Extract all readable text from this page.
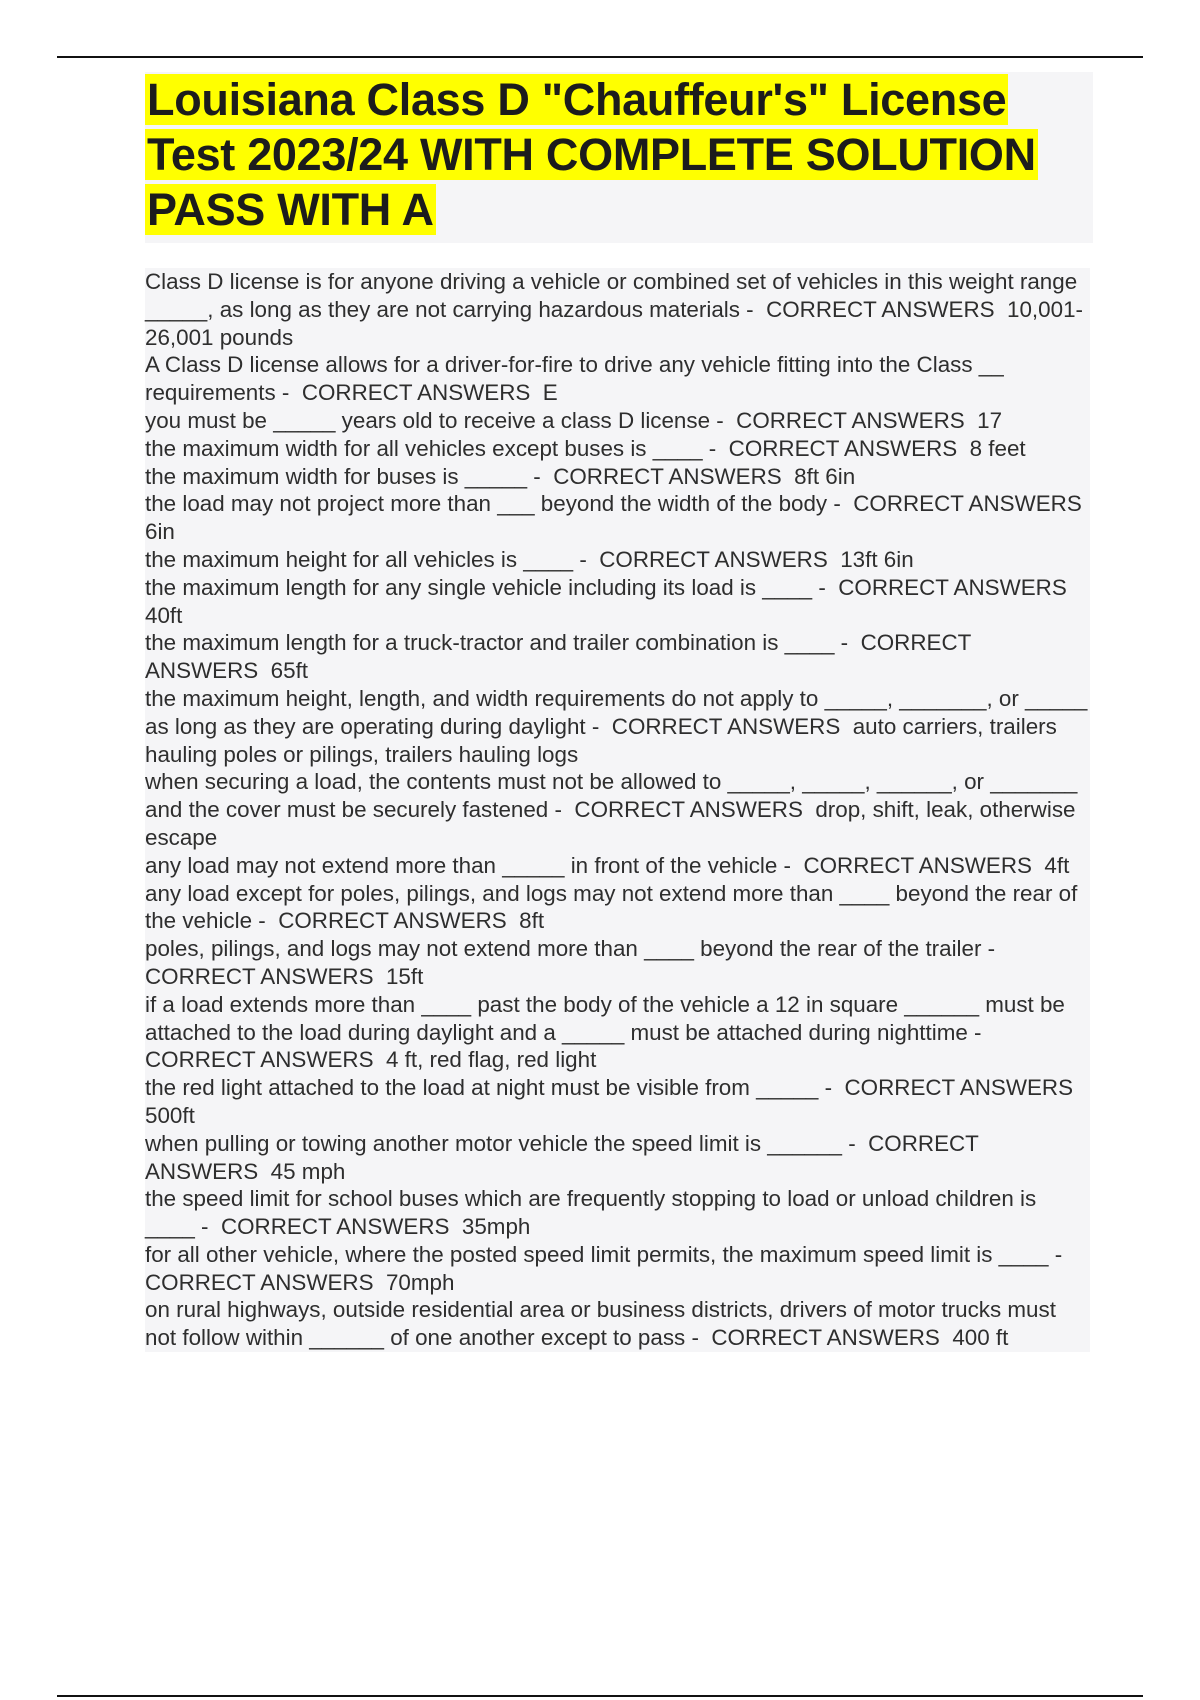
Louisiana Class D "Chauffeur's" License Test 2023/24 WITH COMPLETE SOLUTION PASS WITH A
Class D license is for anyone driving a vehicle or combined set of vehicles in this weight range _____, as long as they are not carrying hazardous materials - CORRECT ANSWERS 10,001-26,001 pounds
A Class D license allows for a driver-for-fire to drive any vehicle fitting into the Class __ requirements - CORRECT ANSWERS E
you must be _____ years old to receive a class D license - CORRECT ANSWERS 17
the maximum width for all vehicles except buses is ____ - CORRECT ANSWERS 8 feet
the maximum width for buses is _____ - CORRECT ANSWERS 8ft 6in
the load may not project more than ___ beyond the width of the body - CORRECT ANSWERS  6in
the maximum height for all vehicles is ____ - CORRECT ANSWERS 13ft 6in
the maximum length for any single vehicle including its load is ____ - CORRECT ANSWERS  40ft
the maximum length for a truck-tractor and trailer combination is ____ - CORRECT ANSWERS 65ft
the maximum height, length, and width requirements do not apply to _____, _______, or _____ as long as they are operating during daylight - CORRECT ANSWERS auto carriers, trailers hauling poles or pilings, trailers hauling logs
when securing a load, the contents must not be allowed to _____, _____, ______, or _______ and the cover must be securely fastened - CORRECT ANSWERS drop, shift, leak, otherwise escape
any load may not extend more than _____ in front of the vehicle - CORRECT ANSWERS 4ft
any load except for poles, pilings, and logs may not extend more than ____ beyond the rear of the vehicle - CORRECT ANSWERS 8ft
poles, pilings, and logs may not extend more than ____ beyond the rear of the trailer -  CORRECT ANSWERS 15ft
if a load extends more than ____ past the body of the vehicle a 12 in square ______ must be attached to the load during daylight and a _____ must be attached during nighttime -  CORRECT ANSWERS 4 ft, red flag, red light
the red light attached to the load at night must be visible from _____ - CORRECT ANSWERS  500ft
when pulling or towing another motor vehicle the speed limit is ______ - CORRECT ANSWERS 45 mph
the speed limit for school buses which are frequently stopping to load or unload children is ____ - CORRECT ANSWERS 35mph
for all other vehicle, where the posted speed limit permits, the maximum speed limit is ____ -  CORRECT ANSWERS 70mph
on rural highways, outside residential area or business districts, drivers of motor trucks must not follow within ______ of one another except to pass - CORRECT ANSWERS 400 ft
